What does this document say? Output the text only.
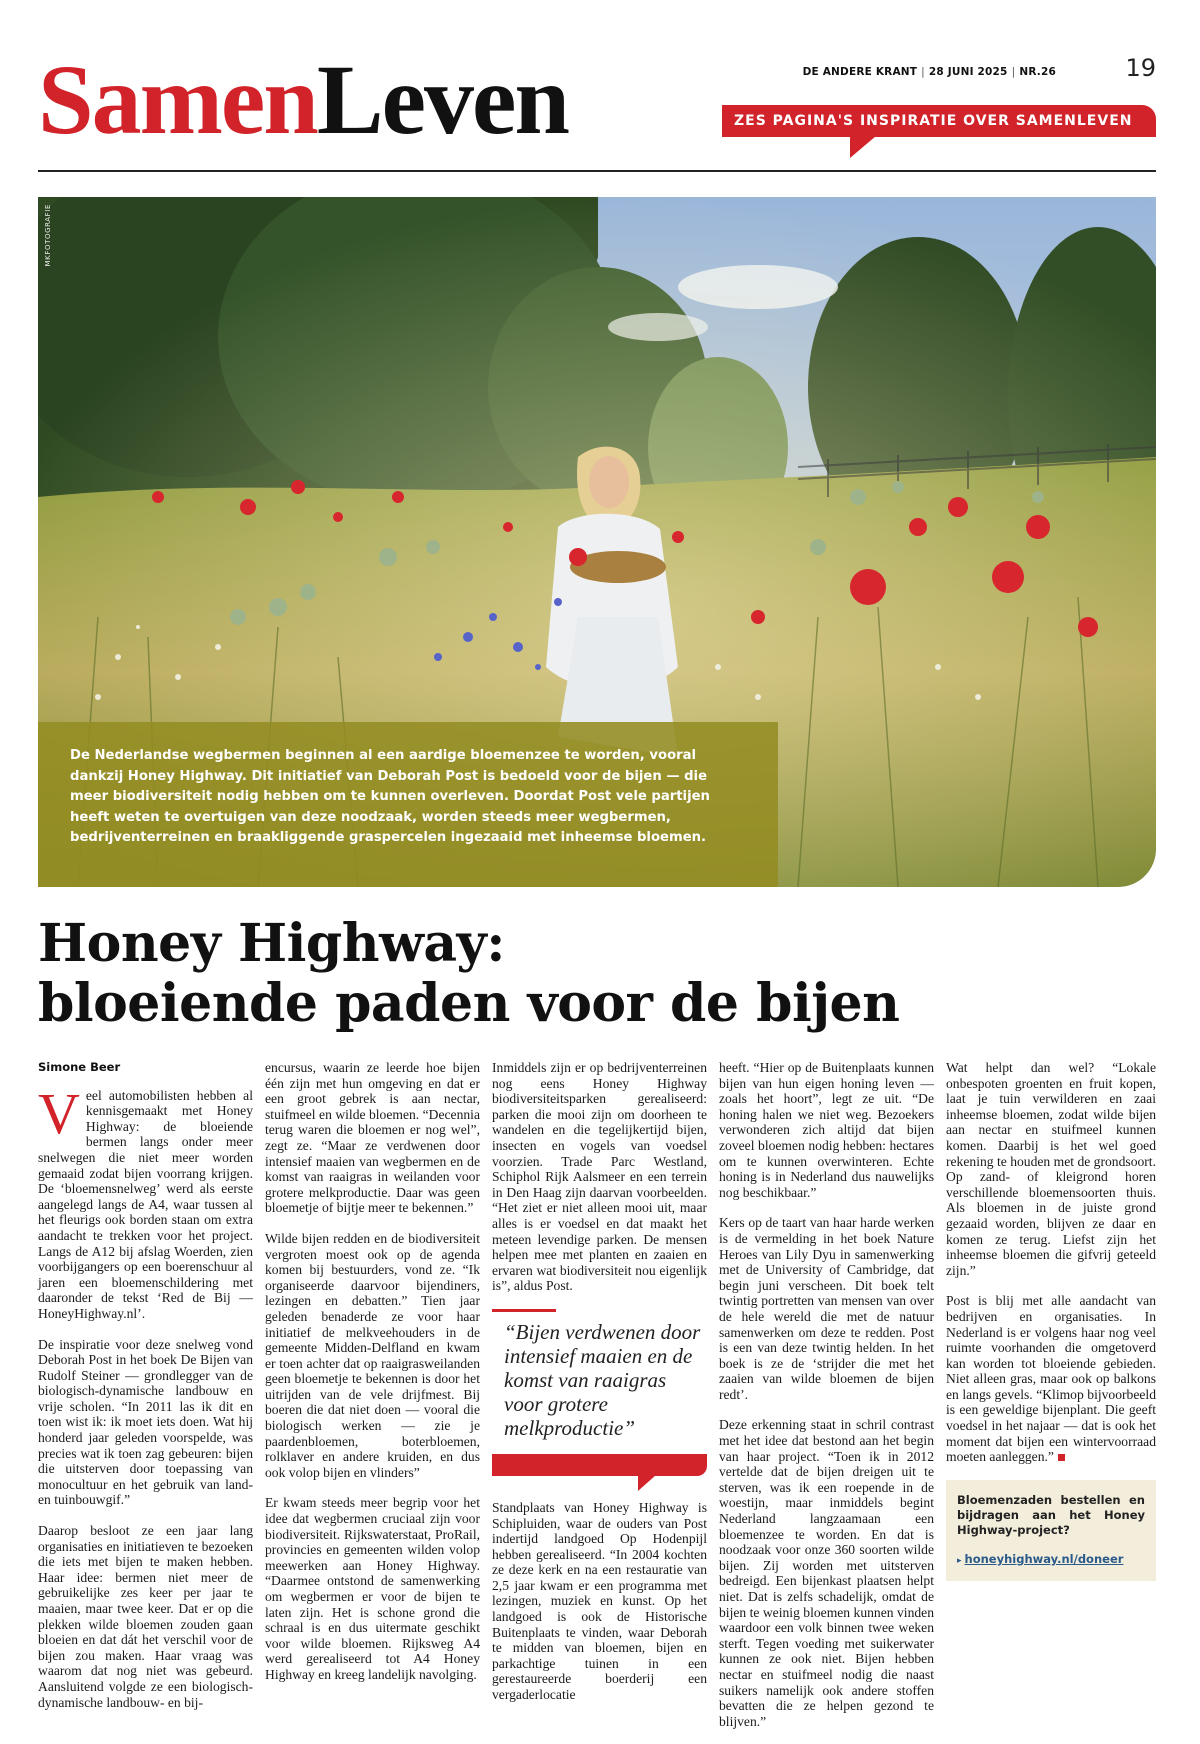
SamenLeven	DE ANDERE KRANT | 28 JUNI 2025 | NR.26	19
ZES PAGINA'S INSPIRATIE OVER SAMENLEVEN
MKFOTOGRAFIE

De Nederlandse wegbermen beginnen al een aardige bloemenzee te worden, vooral dankzij Honey Highway. Dit initiatief van Deborah Post is bedoeld voor de bijen — die meer biodiversiteit nodig hebben om te kunnen overleven. Doordat Post vele partijen heeft weten te overtuigen van deze noodzaak, worden steeds meer wegbermen, bedrijventerreinen en braakliggende graspercelen ingezaaid met inheemse bloemen.

Honey Highway:
bloeiende paden voor de bijen
Simone Beer

Veel automobilisten hebben al kennisgemaakt met Honey Highway: de bloeiende bermen langs onder meer snelwegen die niet meer worden gemaaid zodat bijen voorrang krijgen. De ‘bloemensnelweg’ werd als eerste aangelegd langs de A4, waar tussen al het fleurigs ook borden staan om extra aandacht te trekken voor het project. Langs de A12 bij afslag Woerden, zien voorbijgangers op een boerenschuur al jaren een bloemenschildering met daaronder de tekst ‘Red de Bij — HoneyHighway.nl’.

De inspiratie voor deze snelweg vond Deborah Post in het boek De Bijen van Rudolf Steiner — grondlegger van de biologisch-dynamische landbouw en vrije scholen. “In 2011 las ik dit en toen wist ik: ik moet iets doen. Wat hij honderd jaar geleden voorspelde, was precies wat ik toen zag gebeuren: bijen die uitsterven door toepassing van monocultuur en het gebruik van land- en tuinbouwgif.”

Daarop besloot ze een jaar lang organisaties en initiatieven te bezoeken die iets met bijen te maken hebben. Haar idee: bermen niet meer de gebruikelijke zes keer per jaar te maaien, maar twee keer. Dat er op die plekken wilde bloemen zouden gaan bloeien en dat dát het verschil voor de bijen zou maken. Haar vraag was waarom dat nog niet was gebeurd. Aansluitend volgde ze een biologisch-dynamische landbouw- en bij-

encursus, waarin ze leerde hoe bijen één zijn met hun omgeving en dat er een groot gebrek is aan nectar, stuifmeel en wilde bloemen. “Decennia terug waren die bloemen er nog wel”, zegt ze. “Maar ze verdwenen door intensief maaien van wegbermen en de komst van raaigras in weilanden voor grotere melkproductie. Daar was geen bloemetje of bijtje meer te bekennen.”

Wilde bijen redden en de biodiversiteit vergroten moest ook op de agenda komen bij bestuurders, vond ze. “Ik organiseerde daarvoor bijendiners, lezingen en debatten.” Tien jaar geleden benaderde ze voor haar initiatief de melkveehouders in de gemeente Midden-Delfland en kwam er toen achter dat op raaigrasweilanden geen bloemetje te bekennen is door het uitrijden van de vele drijfmest. Bij boeren die dat niet doen — vooral die biologisch werken — zie je paardenbloemen, boterbloemen, rolklaver en andere kruiden, en dus ook volop bijen en vlinders”

Er kwam steeds meer begrip voor het idee dat wegbermen cruciaal zijn voor biodiversiteit. Rijkswaterstaat, ProRail, provincies en gemeenten wilden volop meewerken aan Honey Highway. “Daarmee ontstond de samenwerking om wegbermen er voor de bijen te laten zijn. Het is schone grond die schraal is en dus uitermate geschikt voor wilde bloemen. Rijksweg A4 werd gerealiseerd tot A4 Honey Highway en kreeg landelijk navolging.

Inmiddels zijn er op bedrijventerreinen nog eens Honey Highway biodiversiteitsparken gerealiseerd: parken die mooi zijn om doorheen te wandelen en die tegelijkertijd bijen, insecten en vogels van voedsel voorzien. Trade Parc Westland, Schiphol Rijk Aalsmeer en een terrein in Den Haag zijn daarvan voorbeelden. “Het ziet er niet alleen mooi uit, maar alles is er voedsel en dat maakt het meteen levendige parken. De mensen helpen mee met planten en zaaien en ervaren wat biodiversiteit nou eigenlijk is”, aldus Post.

“Bijen verdwenen door intensief maaien en de komst van raaigras voor grotere melkproductie”

Standplaats van Honey Highway is Schipluiden, waar de ouders van Post indertijd landgoed Op Hodenpijl hebben gerealiseerd. “In 2004 kochten ze deze kerk en na een restauratie van 2,5 jaar kwam er een programma met lezingen, muziek en kunst. Op het landgoed is ook de Historische Buitenplaats te vinden, waar Deborah te midden van bloemen, bijen en parkachtige tuinen in een gerestaureerde boerderij een vergaderlocatie

heeft. “Hier op de Buitenplaats kunnen bijen van hun eigen honing leven — zoals het hoort”, legt ze uit. “De honing halen we niet weg. Bezoekers verwonderen zich altijd dat bijen zoveel bloemen nodig hebben: hectares om te kunnen overwinteren. Echte honing is in Nederland dus nauwelijks nog beschikbaar.”

Kers op de taart van haar harde werken is de vermelding in het boek Nature Heroes van Lily Dyu in samenwerking met de University of Cambridge, dat begin juni verscheen. Dit boek telt twintig portretten van mensen van over de hele wereld die met de natuur samenwerken om deze te redden. Post is een van deze twintig helden. In het boek is ze de ‘strijder die met het zaaien van wilde bloemen de bijen redt’.

Deze erkenning staat in schril contrast met het idee dat bestond aan het begin van haar project. “Toen ik in 2012 vertelde dat de bijen dreigen uit te sterven, was ik een roepende in de woestijn, maar inmiddels begint Nederland langzaamaan een bloemenzee te worden. En dat is noodzaak voor onze 360 soorten wilde bijen. Zij worden met uitsterven bedreigd. Een bijenkast plaatsen helpt niet. Dat is zelfs schadelijk, omdat de bijen te weinig bloemen kunnen vinden waardoor een volk binnen twee weken sterft. Tegen voeding met suikerwater kunnen ze ook niet. Bijen hebben nectar en stuifmeel nodig die naast suikers namelijk ook andere stoffen bevatten die ze helpen gezond te blijven.”

Wat helpt dan wel? “Lokale onbespoten groenten en fruit kopen, laat je tuin verwilderen en zaai inheemse bloemen, zodat wilde bijen aan nectar en stuifmeel kunnen komen. Daarbij is het wel goed rekening te houden met de grondsoort. Op zand- of kleigrond horen verschillende bloemensoorten thuis. Als bloemen in de juiste grond gezaaid worden, blijven ze daar en komen ze terug. Liefst zijn het inheemse bloemen die gifvrij geteeld zijn.”

Post is blij met alle aandacht van bedrijven en organisaties. In Nederland is er volgens haar nog veel ruimte voorhanden die omgetoverd kan worden tot bloeiende gebieden. Niet alleen gras, maar ook op balkons en langs gevels. “Klimop bijvoorbeeld is een geweldige bijenplant. Die geeft voedsel in het najaar — dat is ook het moment dat bijen een wintervoorraad moeten aanleggen.”

Bloemenzaden bestellen en bijdragen aan het Honey Highway-project?
▸ honeyhighway.nl/doneer
